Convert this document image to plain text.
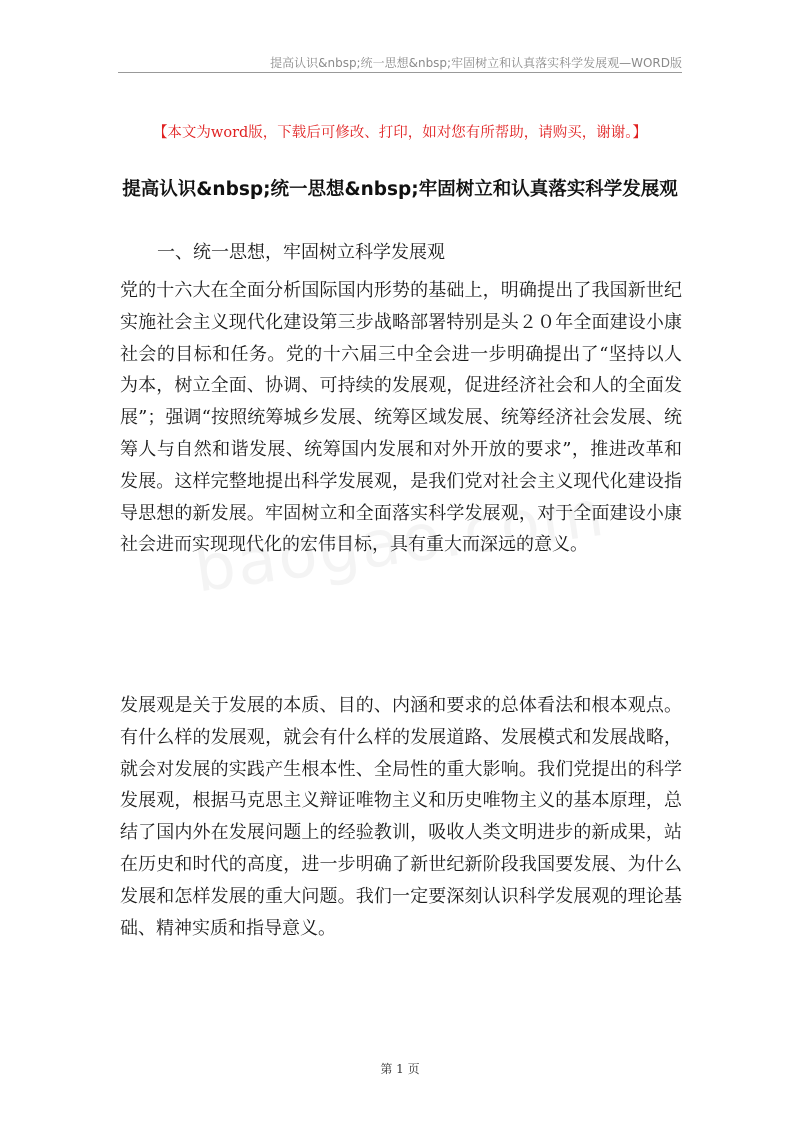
提高认识&nbsp;统一思想&nbsp;牢固树立和认真落实科学发展观—WORD版
【本文为word版，下载后可修改、打印，如对您有所帮助，请购买，谢谢。】
提高认识&nbsp;统一思想&nbsp;牢固树立和认真落实科学发展观
一、统一思想，牢固树立科学发展观

党的十六大在全面分析国际国内形势的基础上，明确提出了我国新世纪实施社会主义现代化建设第三步战略部署特别是头２０年全面建设小康社会的目标和任务。党的十六届三中全会进一步明确提出了“坚持以人为本，树立全面、协调、可持续的发展观，促进经济社会和人的全面发展”；强调“按照统筹城乡发展、统筹区域发展、统筹经济社会发展、统筹人与自然和谐发展、统筹国内发展和对外开放的要求”，推进改革和发展。这样完整地提出科学发展观，是我们党对社会主义现代化建设指导思想的新发展。牢固树立和全面落实科学发展观，对于全面建设小康社会进而实现现代化的宏伟目标，具有重大而深远的意义。

发展观是关于发展的本质、目的、内涵和要求的总体看法和根本观点。有什么样的发展观，就会有什么样的发展道路、发展模式和发展战略，就会对发展的实践产生根本性、全局性的重大影响。我们党提出的科学发展观，根据马克思主义辩证唯物主义和历史唯物主义的基本原理，总结了国内外在发展问题上的经验教训，吸收人类文明进步的新成果，站在历史和时代的高度，进一步明确了新世纪新阶段我国要发展、为什么发展和怎样发展的重大问题。我们一定要深刻认识科学发展观的理论基础、精神实质和指导意义。

第 1 页
